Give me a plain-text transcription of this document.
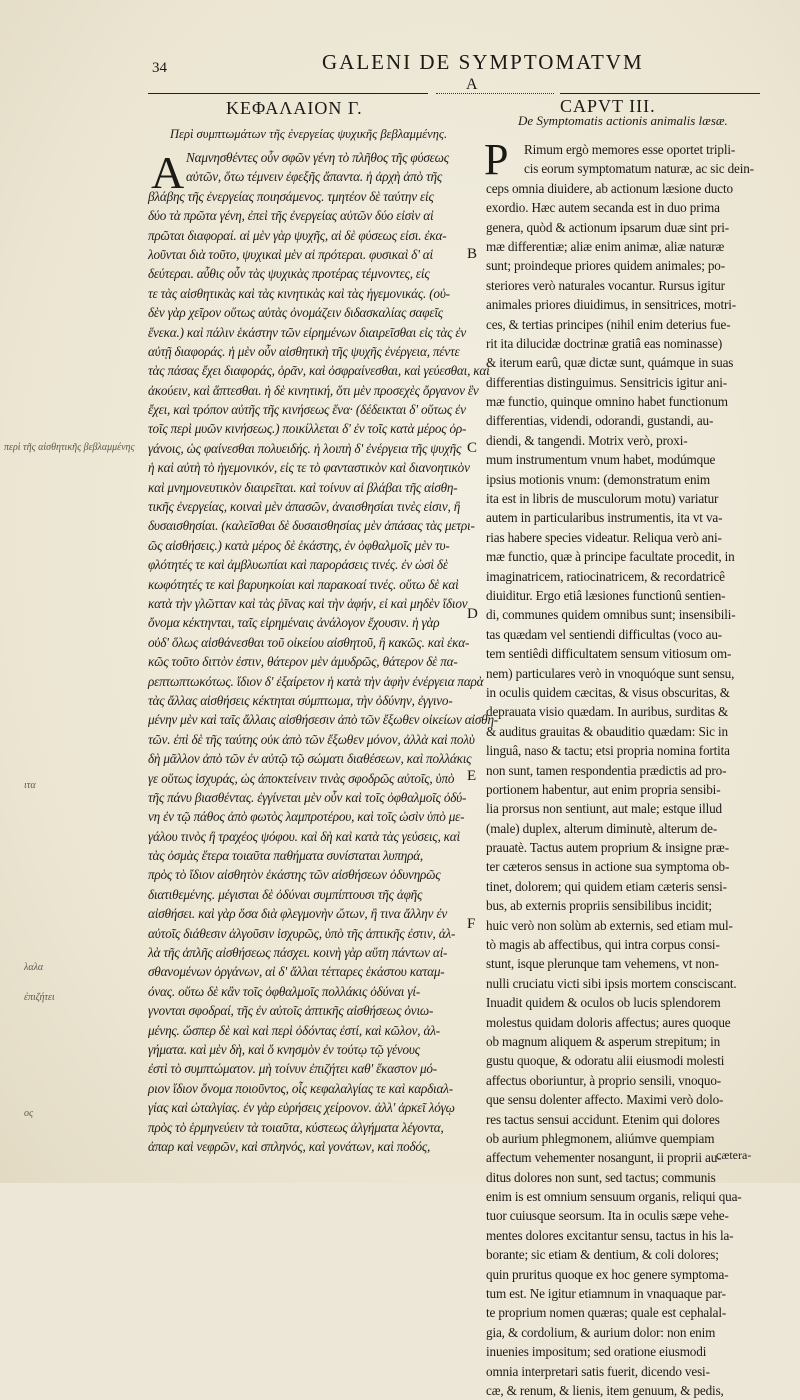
34	GALENI DE SYMPTOMATVM
A
ΚΕΦΑΛΑΙΟΝ Γ.	CAPVT III.
Περὶ συμπτωμάτων τῆς ἐνεργείας ψυχικῆς βεβλαμμένης.
De Symptomatis actionis animalis læsæ.
Α	P
Ναμνησθέντες οὖν σφῶν γένη τὸ πλῆθος τῆς φύσεως
αὐτῶν, ὅτω τέμνειν ἐφεξῆς ἅπαντα. ἡ ἀρχὴ ἀπὸ τῆς
βλάβης τῆς ἐνεργείας ποιησάμενος. τμητέον δὲ ταύτην εἰς
δύο τὰ πρῶτα γένη, ἐπεὶ τῆς ἐνεργείας αὐτῶν δύο εἰσὶν αἱ
πρῶται διαφοραί. αἱ μὲν γὰρ ψυχῆς, αἱ δὲ φύσεως εἰσι. ἐκα-
λοῦνται διὰ τοῦτο, ψυχικαὶ μὲν αἱ πρότεραι. φυσικαὶ δ' αἱ
δεύτεραι. αὖθις οὖν τὰς ψυχικὰς προτέρας τέμνοντες, εἰς
τε τὰς αἰσθητικὰς καὶ τὰς κινητικὰς καὶ τὰς ἡγεμονικάς. (οὐ-
δὲν γὰρ χεῖρον οὕτως αὐτὰς ὀνομάζειν διδασκαλίας σαφεῖς
ἕνεκα.) καὶ πάλιν ἑκάστην τῶν εἰρημένων διαιρεῖσθαι εἰς τὰς ἐν
αὐτῇ διαφοράς. ἡ μὲν οὖν αἰσθητικὴ τῆς ψυχῆς ἐνέργεια, πέντε
τὰς πάσας ἔχει διαφοράς, ὁρᾶν, καὶ ὀσφραίνεσθαι, καὶ γεύεσθαι, καὶ
ἀκούειν, καὶ ἅπτεσθαι. ἡ δὲ κινητική, ὅτι μὲν προσεχὲς ὄργανον ἓν
ἔχει, καὶ τρόπον αὐτῆς τῆς κινήσεως ἕνα· (δέδεικται δ' οὕτως ἐν
τοῖς περὶ μυῶν κινήσεως.) ποικίλλεται δ' ἐν τοῖς κατὰ μέρος ὀρ-
γάνοις, ὡς φαίνεσθαι πολυειδής. ἡ λοιπὴ δ' ἐνέργεια τῆς ψυχῆς
ἡ καὶ αὐτὴ τὸ ἡγεμονικόν, εἰς τε τὸ φανταστικὸν καὶ διανοητικὸν
καὶ μνημονευτικὸν διαιρεῖται. καὶ τοίνυν αἱ βλάβαι τῆς αἰσθη-
τικῆς ἐνεργείας, κοιναὶ μὲν ἁπασῶν, ἀναισθησίαι τινὲς εἰσιν, ἢ
δυσαισθησίαι. (καλεῖσθαι δὲ δυσαισθησίας μὲν ἁπάσας τὰς μετρι-
ῶς αἰσθήσεις.) κατὰ μέρος δὲ ἑκάστης, ἐν ὀφθαλμοῖς μὲν τυ-
φλότητές τε καὶ ἀμβλυωπίαι καὶ παροράσεις τινές. ἐν ὠσὶ δὲ
κωφότητές τε καὶ βαρυηκοίαι καὶ παρακοαί τινές. οὕτω δὲ καὶ
κατὰ τὴν γλῶτταν καὶ τὰς ῥῖνας καὶ τὴν ἁφήν, εἰ καὶ μηδὲν ἴδιον
ὄνομα κέκτηνται, ταῖς εἰρημέναις ἀνάλογον ἔχουσιν. ἡ γὰρ
οὐδ' ὅλως αἰσθάνεσθαι τοῦ οἰκείου αἰσθητοῦ, ἢ κακῶς. καὶ ἐκα-
κῶς τοῦτο διττὸν ἐστιν, θάτερον μὲν ἀμυδρῶς, θάτερον δὲ πα-
ρεπτωπτωκότως. ἴδιον δ' ἐξαίρετον ἡ κατὰ τὴν ἁφὴν ἐνέργεια παρὰ
τὰς ἄλλας αἰσθήσεις κέκτηται σύμπτωμα, τὴν ὀδύνην, ἐγγινο-
μένην μὲν καὶ ταῖς ἄλλαις αἰσθήσεσιν ἀπὸ τῶν ἔξωθεν οἰκείων αἰσθη-
τῶν. ἐπὶ δὲ τῆς ταύτης οὐκ ἀπὸ τῶν ἔξωθεν μόνον, ἀλλὰ καὶ πολὺ
δὴ μᾶλλον ἀπὸ τῶν ἐν αὐτῷ τῷ σώματι διαθέσεων, καὶ πολλάκις
γε οὕτως ἰσχυράς, ὡς ἀποκτείνειν τινὰς σφοδρῶς αὐτοῖς, ὑπὸ
τῆς πάνυ βιασθέντας. ἐγγίνεται μὲν οὖν καὶ τοῖς ὀφθαλμοῖς ὀδύ-
νη ἐν τῷ πάθος ἀπὸ φωτὸς λαμπροτέρου, καὶ τοῖς ὠσὶν ὑπὸ με-
γάλου τινὸς ἢ τραχέος ψόφου. καὶ δὴ καὶ κατὰ τὰς γεύσεις, καὶ
τὰς ὀσμὰς ἕτερα τοιαῦτα παθήματα συνίσταται λυπηρά,
πρὸς τὸ ἴδιον αἰσθητὸν ἑκάστης τῶν αἰσθήσεων ὀδυνηρῶς
διατιθεμένης. μέγισται δὲ ὀδύναι συμπίπτουσι τῆς ἁφῆς
αἰσθήσει. καὶ γὰρ ὅσα διὰ φλεγμονὴν ὤτων, ἢ τινα ἄλλην ἐν
αὐτοῖς διάθεσιν ἀλγοῦσιν ἰσχυρῶς, ὑπὸ τῆς ἁπτικῆς ἐστιν, ἀλ-
λὰ τῆς ἁπλῆς αἰσθήσεως πάσχει. κοινὴ γὰρ αὕτη πάντων αἰ-
σθανομένων ὀργάνων, αἱ δ' ἄλλαι τέτταρες ἑκάστου καταμ-
όνας. οὕτω δὲ κἂν τοῖς ὀφθαλμοῖς πολλάκις ὀδύναι γί-
γνονται σφοδραί, τῆς ἐν αὐτοῖς ἁπτικῆς αἰσθήσεως ὀνιω-
μένης. ὥσπερ δὲ καὶ καὶ περὶ ὀδόντας ἐστί, καὶ κῶλον, ἀλ-
γήματα. καὶ μὲν δὴ, καὶ ὅ κνησμὸν ἐν τούτῳ τῷ γένους
ἐστὶ τὸ συμπτώματον. μὴ τοίνυν ἐπιζήτει καθ' ἕκαστον μό-
ριον ἴδιον ὄνομα ποιοῦντος, οἷς κεφαλαλγίας τε καὶ καρδιαλ-
γίας καὶ ὠταλγίας. ἐν γὰρ εὑρήσεις χείρονον. ἀλλ' ἀρκεῖ λόγῳ
πρὸς τὸ ἑρμηνεύειν τὰ τοιαῦτα, κύστεως ἀλγήματα λέγοντα,
ἀπαρ καὶ νεφρῶν, καὶ σπληνός, καὶ γονάτων, καὶ ποδός,
Rimum ergò memores esse oportet tripli-
cis eorum symptomatum naturæ, ac sic dein-
ceps omnia diuidere, ab actionum læsione ducto
exordio. Hæc autem secanda est in duo prima
genera, quòd & actionum ipsarum duæ sint pri-
mæ differentiæ; aliæ enim animæ, aliæ naturæ
sunt; proindeque priores quidem animales; po-
steriores verò naturales vocantur. Rursus igitur
animales priores diuidimus, in sensitrices, motri-
ces, & tertias principes (nihil enim deterius fue-
rit ita dilucidæ doctrinæ gratiâ eas nominasse)
& iterum earû, quæ dictæ sunt, quámque in suas
differentias distinguimus. Sensitricis igitur ani-
mæ functio, quinque omnino habet functionum
differentias, videndi, odorandi, gustandi, au-
diendi, & tangendi. Motrix verò, proxi-
mum instrumentum vnum habet, modúmque
ipsius motionis vnum: (demonstratum enim
ita est in libris de musculorum motu) variatur
autem in particularibus instrumentis, ita vt va-
rias habere species videatur. Reliqua verò ani-
mæ functio, quæ à principe facultate procedit, in
imaginatricem, ratiocinatricem, & recordatricê
diuiditur. Ergo etiâ læsiones functionû sentien-
di, communes quidem omnibus sunt; insensibili-
tas quædam vel sentiendi difficultas (voco au-
tem sentiêdi difficultatem sensum vitiosum om-
nem) particulares verò in vnoquóque sunt sensu,
in oculis quidem cæcitas, & visus obscuritas, &
deprauata visio quædam. In auribus, surditas &
& auditus grauitas & obauditio quædam: Sic in
linguâ, naso & tactu; etsi propria nomina fortita
non sunt, tamen respondentia prædictis ad pro-
portionem habentur, aut enim propria sensibi-
lia prorsus non sentiunt, aut male; estque illud
(male) duplex, alterum diminutè, alterum de-
prauatè. Tactus autem proprium & insigne præ-
ter cæteros sensus in actione sua symptoma ob-
tinet, dolorem; qui quidem etiam cæteris sensi-
bus, ab externis propriis sensibilibus incidit;
huic verò non solùm ab externis, sed etiam mul-
tò magis ab affectibus, qui intra corpus consi-
stunt, isque plerunque tam vehemens, vt non-
nulli cruciatu victi sibi ipsis mortem consciscant.
Inuadit quidem & oculos ob lucis splendorem
molestus quidam doloris affectus; aures quoque
ob magnum aliquem & asperum strepitum; in
gustu quoque, & odoratu alii eiusmodi molesti
affectus oboriuntur, à proprio sensili, vnoquo-
que sensu dolenter affecto. Maximi verò dolo-
res tactus sensui accidunt. Etenim qui dolores
ob aurium phlegmonem, aliúmve quempiam
affectum vehementer nosangunt, ii proprii au-
ditus dolores non sunt, sed tactus; communis
enim is est omnium sensuum organis, reliqui qua-
tuor cuiusque seorsum. Ita in oculis sæpe vehe-
mentes dolores excitantur sensu, tactus in his la-
borante; sic etiam & dentium, & coli dolores;
quin pruritus quoque ex hoc genere symptoma-
tum est. Ne igitur etiamnum in vnaquaque par-
te proprium nomen quæras; quale est cephalal-
gia, & cordolium, & aurium dolor: non enim
inuenies impositum; sed oratione eiusmodi
omnia interpretari satis fuerit, dicendo vesi-
cæ, & renum, & lienis, item genuum, & pedis,
B
C
D
E
F
περὶ τῆς αἰσθητικῆς βεβλαμμένης
ιτα
λαλα
ἐπιζήτει
ος
cætera-
